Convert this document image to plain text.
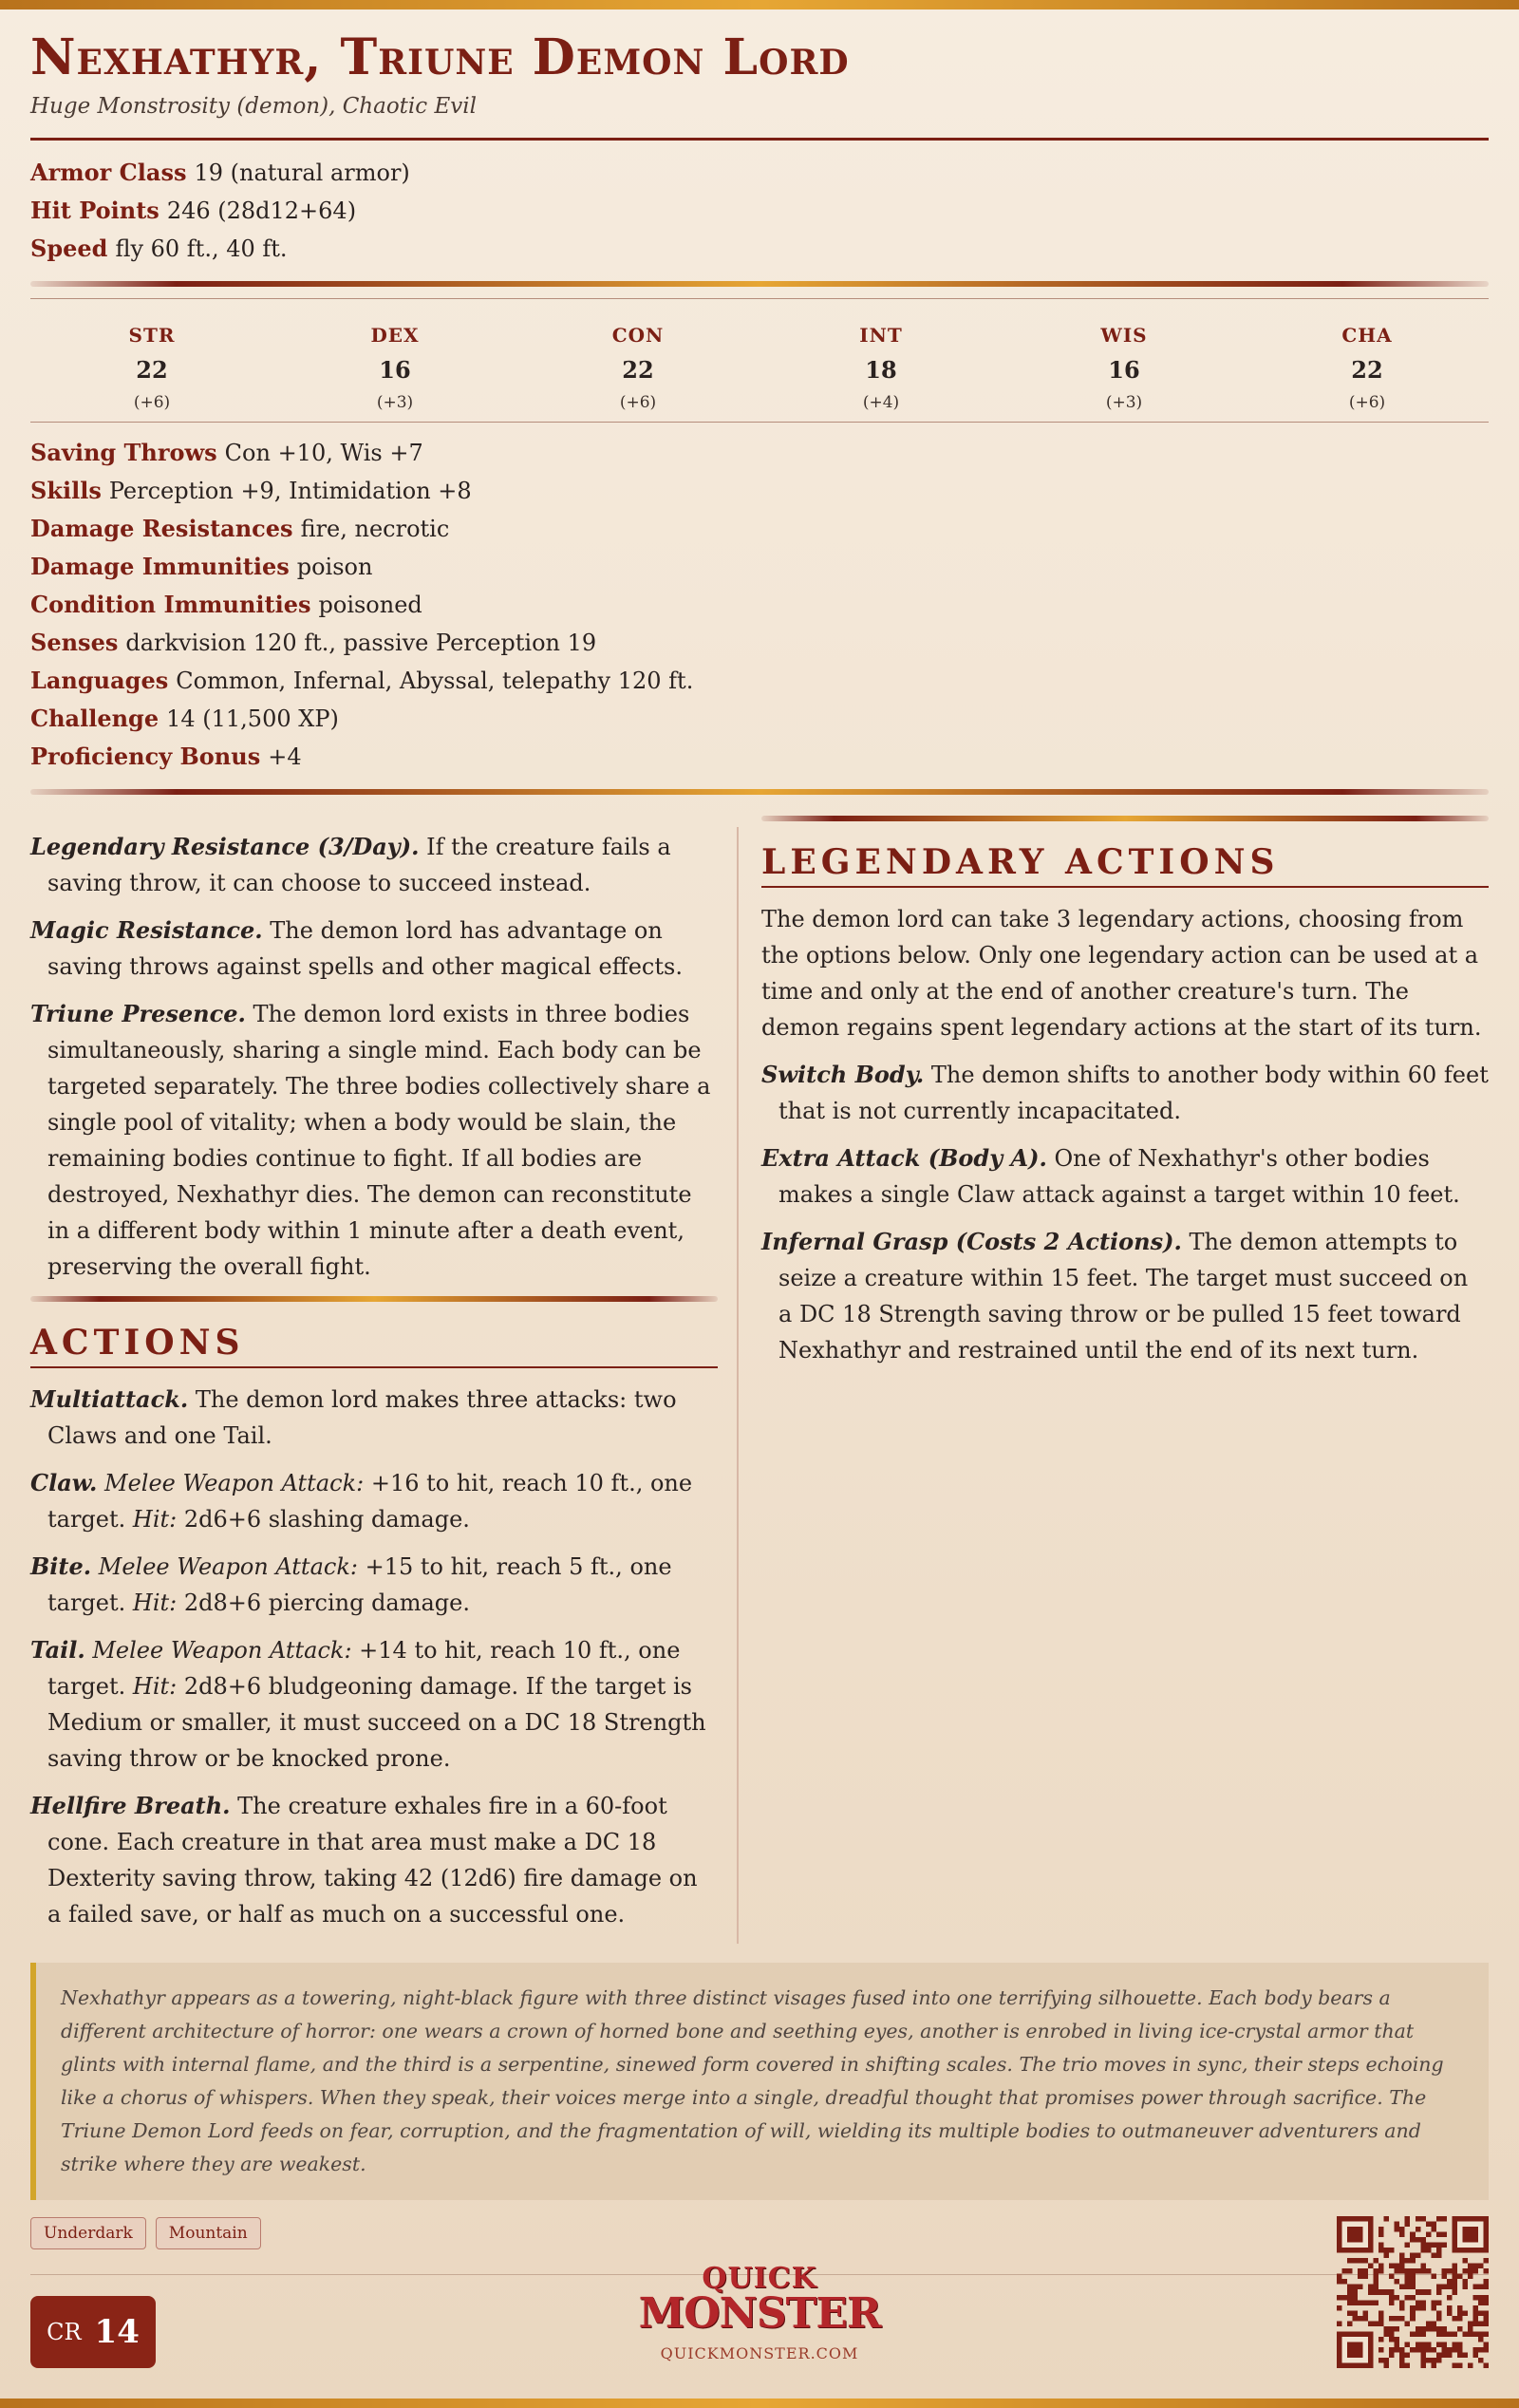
Nexhathyr, Triune Demon Lord
Huge Monstrosity (demon), Chaotic Evil
Armor Class 19 (natural armor)
Hit Points 246 (28d12+64)
Speed fly 60 ft., 40 ft.
STR
22
(+6)
DEX
16
(+3)
CON
22
(+6)
INT
18
(+4)
WIS
16
(+3)
CHA
22
(+6)
Saving Throws Con +10, Wis +7
Skills Perception +9, Intimidation +8
Damage Resistances fire, necrotic
Damage Immunities poison
Condition Immunities poisoned
Senses darkvision 120 ft., passive Perception 19
Languages Common, Infernal, Abyssal, telepathy 120 ft.
Challenge 14 (11,500 XP)
Proficiency Bonus +4
Legendary Resistance (3/Day). If the creature fails a saving throw, it can choose to succeed instead.
Magic Resistance. The demon lord has advantage on saving throws against spells and other magical effects.
Triune Presence. The demon lord exists in three bodies simultaneously, sharing a single mind. Each body can be targeted separately. The three bodies collectively share a single pool of vitality; when a body would be slain, the remaining bodies continue to fight. If all bodies are destroyed, Nexhathyr dies. The demon can reconstitute in a different body within 1 minute after a death event, preserving the overall fight.
ACTIONS
Multiattack. The demon lord makes three attacks: two Claws and one Tail.
Claw. Melee Weapon Attack: +16 to hit, reach 10 ft., one target. Hit: 2d6+6 slashing damage.
Bite. Melee Weapon Attack: +15 to hit, reach 5 ft., one target. Hit: 2d8+6 piercing damage.
Tail. Melee Weapon Attack: +14 to hit, reach 10 ft., one target. Hit: 2d8+6 bludgeoning damage. If the target is Medium or smaller, it must succeed on a DC 18 Strength saving throw or be knocked prone.
Hellfire Breath. The creature exhales fire in a 60-foot cone. Each creature in that area must make a DC 18 Dexterity saving throw, taking 42 (12d6) fire damage on a failed save, or half as much on a successful one.
LEGENDARY ACTIONS
The demon lord can take 3 legendary actions, choosing from the options below. Only one legendary action can be used at a time and only at the end of another creature's turn. The demon regains spent legendary actions at the start of its turn.
Switch Body. The demon shifts to another body within 60 feet that is not currently incapacitated.
Extra Attack (Body A). One of Nexhathyr's other bodies makes a single Claw attack against a target within 10 feet.
Infernal Grasp (Costs 2 Actions). The demon attempts to seize a creature within 15 feet. The target must succeed on a DC 18 Strength saving throw or be pulled 15 feet toward Nexhathyr and restrained until the end of its next turn.
Nexhathyr appears as a towering, night-black figure with three distinct visages fused into one terrifying silhouette. Each body bears a different architecture of horror: one wears a crown of horned bone and seething eyes, another is enrobed in living ice-crystal armor that glints with internal flame, and the third is a serpentine, sinewed form covered in shifting scales. The trio moves in sync, their steps echoing like a chorus of whispers. When they speak, their voices merge into a single, dreadful thought that promises power through sacrifice. The Triune Demon Lord feeds on fear, corruption, and the fragmentation of will, wielding its multiple bodies to outmaneuver adventurers and strike where they are weakest.
Underdark	Mountain
CR 14
QUICK
MONSTER
QUICKMONSTER.COM
